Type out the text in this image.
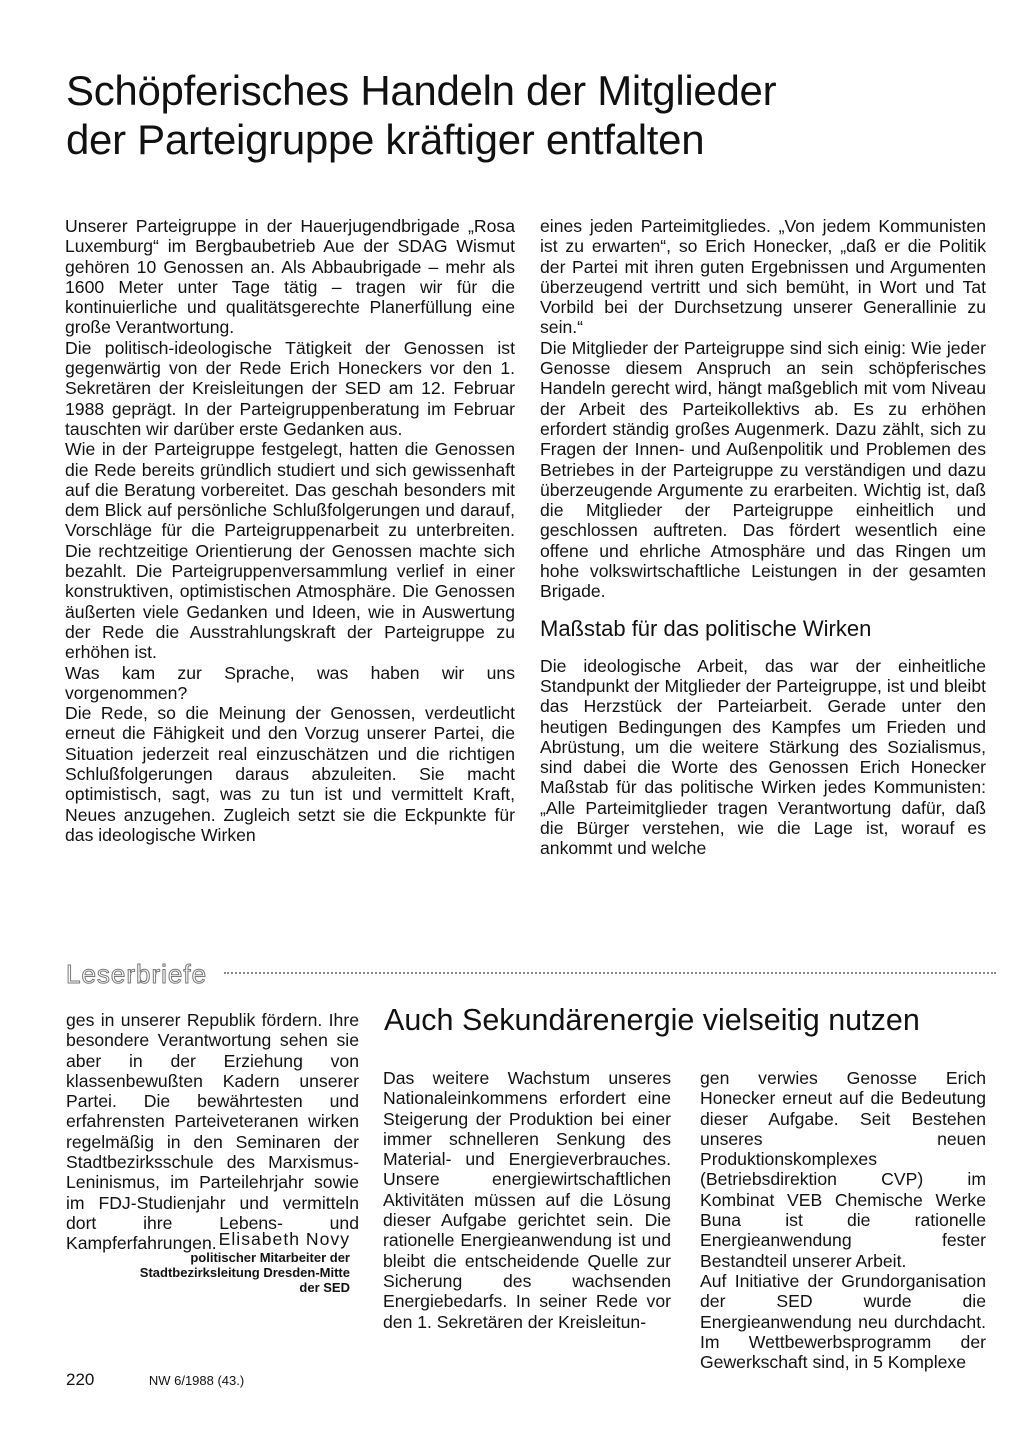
Schöpferisches Handeln der Mitglieder
der Parteigruppe kräftiger entfalten

Unserer Parteigruppe in der Hauerjugendbrigade „Rosa Luxemburg“ im Bergbaubetrieb Aue der SDAG Wismut gehören 10 Genossen an. Als Abbaubrigade – mehr als 1600 Meter unter Tage tätig – tragen wir für die kontinuierliche und qualitätsgerechte Planerfüllung eine große Verantwortung.

Die politisch-ideologische Tätigkeit der Genossen ist gegenwärtig von der Rede Erich Honeckers vor den 1. Sekretären der Kreisleitungen der SED am 12. Februar 1988 geprägt. In der Parteigruppenberatung im Februar tauschten wir darüber erste Gedanken aus.

Wie in der Parteigruppe festgelegt, hatten die Genossen die Rede bereits gründlich studiert und sich gewissenhaft auf die Beratung vorbereitet. Das geschah besonders mit dem Blick auf persönliche Schlußfolgerungen und darauf, Vorschläge für die Parteigruppenarbeit zu unterbreiten. Die rechtzeitige Orientierung der Genossen machte sich bezahlt. Die Parteigruppenversammlung verlief in einer konstruktiven, optimistischen Atmosphäre. Die Genossen äußerten viele Gedanken und Ideen, wie in Auswertung der Rede die Ausstrahlungskraft der Parteigruppe zu erhöhen ist.

Was kam zur Sprache, was haben wir uns vorgenommen?

Die Rede, so die Meinung der Genossen, verdeutlicht erneut die Fähigkeit und den Vorzug unserer Partei, die Situation jederzeit real einzuschätzen und die richtigen Schlußfolgerungen daraus abzuleiten. Sie macht optimistisch, sagt, was zu tun ist und vermittelt Kraft, Neues anzugehen. Zugleich setzt sie die Eckpunkte für das ideologische Wirken

eines jeden Parteimitgliedes. „Von jedem Kommunisten ist zu erwarten“, so Erich Honecker, „daß er die Politik der Partei mit ihren guten Ergebnissen und Argumenten überzeugend vertritt und sich bemüht, in Wort und Tat Vorbild bei der Durchsetzung unserer Generallinie zu sein.“

Die Mitglieder der Parteigruppe sind sich einig: Wie jeder Genosse diesem Anspruch an sein schöpferisches Handeln gerecht wird, hängt maßgeblich mit vom Niveau der Arbeit des Parteikollektivs ab. Es zu erhöhen erfordert ständig großes Augenmerk. Dazu zählt, sich zu Fragen der Innen- und Außenpolitik und Problemen des Betriebes in der Parteigruppe zu verständigen und dazu überzeugende Argumente zu erarbeiten. Wichtig ist, daß die Mitglieder der Parteigruppe einheitlich und geschlossen auftreten. Das fördert wesentlich eine offene und ehrliche Atmosphäre und das Ringen um hohe volkswirtschaftliche Leistungen in der gesamten Brigade.

Maßstab für das politische Wirken

Die ideologische Arbeit, das war der einheitliche Standpunkt der Mitglieder der Parteigruppe, ist und bleibt das Herzstück der Parteiarbeit. Gerade unter den heutigen Bedingungen des Kampfes um Frieden und Abrüstung, um die weitere Stärkung des Sozialismus, sind dabei die Worte des Genossen Erich Honecker Maßstab für das politische Wirken jedes Kommunisten: „Alle Parteimitglieder tragen Verantwortung dafür, daß die Bürger verstehen, wie die Lage ist, worauf es ankommt und welche

Leserbriefe

ges in unserer Republik fördern. Ihre besondere Verantwortung sehen sie aber in der Erziehung von klassenbewußten Kadern unserer Partei. Die bewährtesten und erfahrensten Parteiveteranen wirken regelmäßig in den Seminaren der Stadtbezirksschule des Marxismus-Leninismus, im Parteilehrjahr sowie im FDJ-Studienjahr und vermitteln dort ihre Lebens- und Kampferfahrungen. Elisabeth Novy
politischer Mitarbeiter der
Stadtbezirksleitung Dresden-Mitte
der SED
Auch Sekundärenergie vielseitig nutzen

Das weitere Wachstum unseres Nationaleinkommens erfordert eine Steigerung der Produktion bei einer immer schnelleren Senkung des Material- und Energieverbrauches. Unsere energiewirtschaftlichen Aktivitäten müssen auf die Lösung dieser Aufgabe gerichtet sein. Die rationelle Energieanwendung ist und bleibt die entscheidende Quelle zur Sicherung des wachsenden Energiebedarfs. In seiner Rede vor den 1. Sekretären der Kreisleitun-

gen verwies Genosse Erich Honecker erneut auf die Bedeutung dieser Aufgabe. Seit Bestehen unseres neuen Produktionskomplexes (Betriebsdirektion CVP) im Kombinat VEB Chemische Werke Buna ist die rationelle Energieanwendung fester Bestandteil unserer Arbeit.

Auf Initiative der Grundorganisation der SED wurde die Energieanwendung neu durchdacht. Im Wettbewerbsprogramm der Gewerkschaft sind, in 5 Komplexe

220	NW 6/1988 (43.)
